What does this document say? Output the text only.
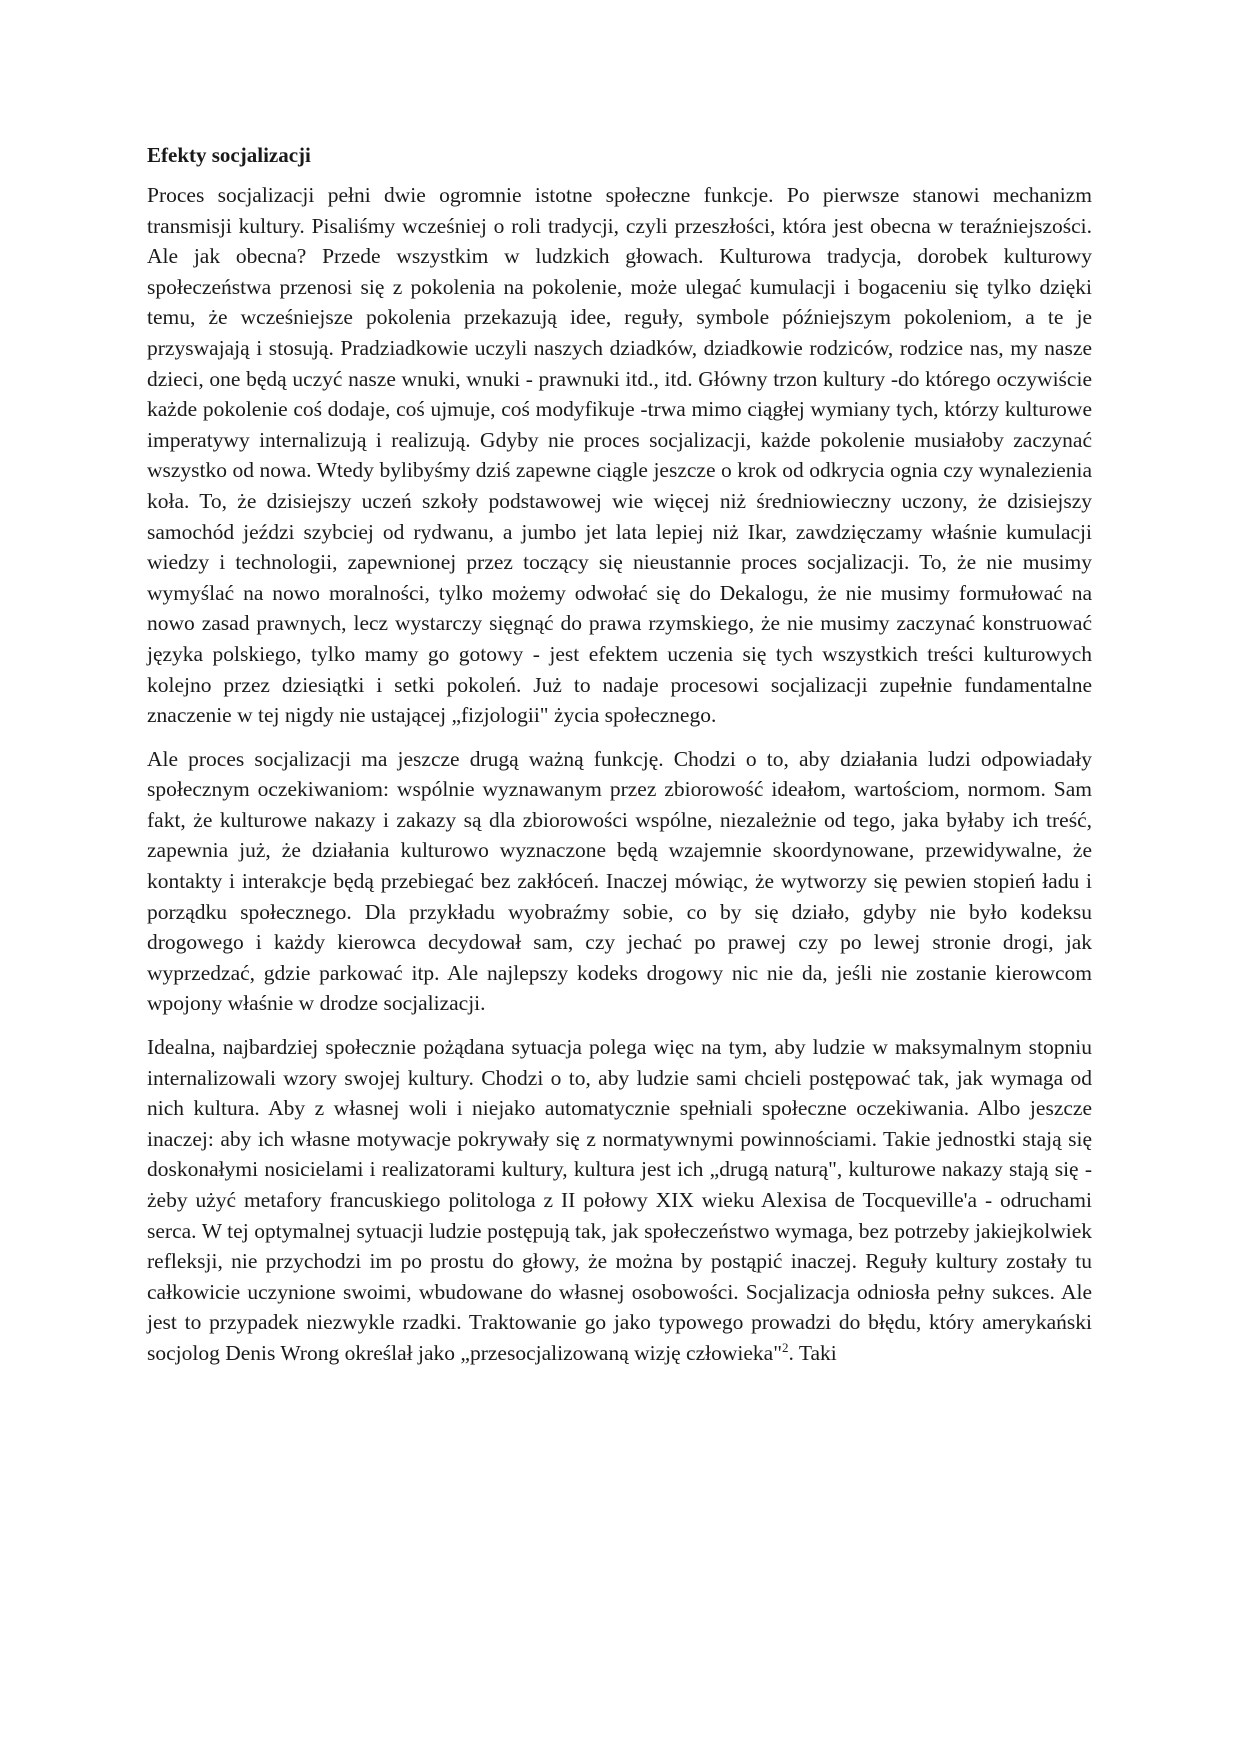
Efekty socjalizacji

Proces socjalizacji pełni dwie ogromnie istotne społeczne funkcje. Po pierwsze stanowi mechanizm transmisji kultury. Pisaliśmy wcześniej o roli tradycji, czyli przeszłości, która jest obecna w teraźniejszości. Ale jak obecna? Przede wszystkim w ludzkich głowach. Kulturowa tradycja, dorobek kulturowy społeczeństwa przenosi się z pokolenia na pokolenie, może ulegać kumulacji i bogaceniu się tylko dzięki temu, że wcześniejsze pokolenia przekazują idee, reguły, symbole późniejszym pokoleniom, a te je przyswajają i stosują. Pradziadkowie uczyli naszych dziadków, dziadkowie rodziców, rodzice nas, my nasze dzieci, one będą uczyć nasze wnuki, wnuki - prawnuki itd., itd. Główny trzon kultury -do którego oczywiście każde pokolenie coś dodaje, coś ujmuje, coś modyfikuje -trwa mimo ciągłej wymiany tych, którzy kulturowe imperatywy internalizują i realizują. Gdyby nie proces socjalizacji, każde pokolenie musiałoby zaczynać wszystko od nowa. Wtedy bylibyśmy dziś zapewne ciągle jeszcze o krok od odkrycia ognia czy wynalezienia koła. To, że dzisiejszy uczeń szkoły podstawowej wie więcej niż średniowieczny uczony, że dzisiejszy samochód jeździ szybciej od rydwanu, a jumbo jet lata lepiej niż Ikar, zawdzięczamy właśnie kumulacji wiedzy i technologii, zapewnionej przez toczący się nieustannie proces socjalizacji. To, że nie musimy wymyślać na nowo moralności, tylko możemy odwołać się do Dekalogu, że nie musimy formułować na nowo zasad prawnych, lecz wystarczy sięgnąć do prawa rzymskiego, że nie musimy zaczynać konstruować języka polskiego, tylko mamy go gotowy - jest efektem uczenia się tych wszystkich treści kulturowych kolejno przez dziesiątki i setki pokoleń. Już to nadaje procesowi socjalizacji zupełnie fundamentalne znaczenie w tej nigdy nie ustającej „fizjologii" życia społecznego.

Ale proces socjalizacji ma jeszcze drugą ważną funkcję. Chodzi o to, aby działania ludzi odpowiadały społecznym oczekiwaniom: wspólnie wyznawanym przez zbiorowość ideałom, wartościom, normom. Sam fakt, że kulturowe nakazy i zakazy są dla zbiorowości wspólne, niezależnie od tego, jaka byłaby ich treść, zapewnia już, że działania kulturowo wyznaczone będą wzajemnie skoordynowane, przewidywalne, że kontakty i interakcje będą przebiegać bez zakłóceń. Inaczej mówiąc, że wytworzy się pewien stopień ładu i porządku społecznego. Dla przykładu wyobraźmy sobie, co by się działo, gdyby nie było kodeksu drogowego i każdy kierowca decydował sam, czy jechać po prawej czy po lewej stronie drogi, jak wyprzedzać, gdzie parkować itp. Ale najlepszy kodeks drogowy nic nie da, jeśli nie zostanie kierowcom wpojony właśnie w drodze socjalizacji.

Idealna, najbardziej społecznie pożądana sytuacja polega więc na tym, aby ludzie w maksymalnym stopniu internalizowali wzory swojej kultury. Chodzi o to, aby ludzie sami chcieli postępować tak, jak wymaga od nich kultura. Aby z własnej woli i niejako automatycznie spełniali społeczne oczekiwania. Albo jeszcze inaczej: aby ich własne motywacje pokrywały się z normatywnymi powinnościami. Takie jednostki stają się doskonałymi nosicielami i realizatorami kultury, kultura jest ich „drugą naturą", kulturowe nakazy stają się - żeby użyć metafory francuskiego politologa z II połowy XIX wieku Alexisa de Tocqueville'a - odruchami serca. W tej optymalnej sytuacji ludzie postępują tak, jak społeczeństwo wymaga, bez potrzeby jakiejkolwiek refleksji, nie przychodzi im po prostu do głowy, że można by postąpić inaczej. Reguły kultury zostały tu całkowicie uczynione swoimi, wbudowane do własnej osobowości. Socjalizacja odniosła pełny sukces. Ale jest to przypadek niezwykle rzadki. Traktowanie go jako typowego prowadzi do błędu, który amerykański socjolog Denis Wrong określał jako „przesocjalizowaną wizję człowieka"$^2$. Taki
